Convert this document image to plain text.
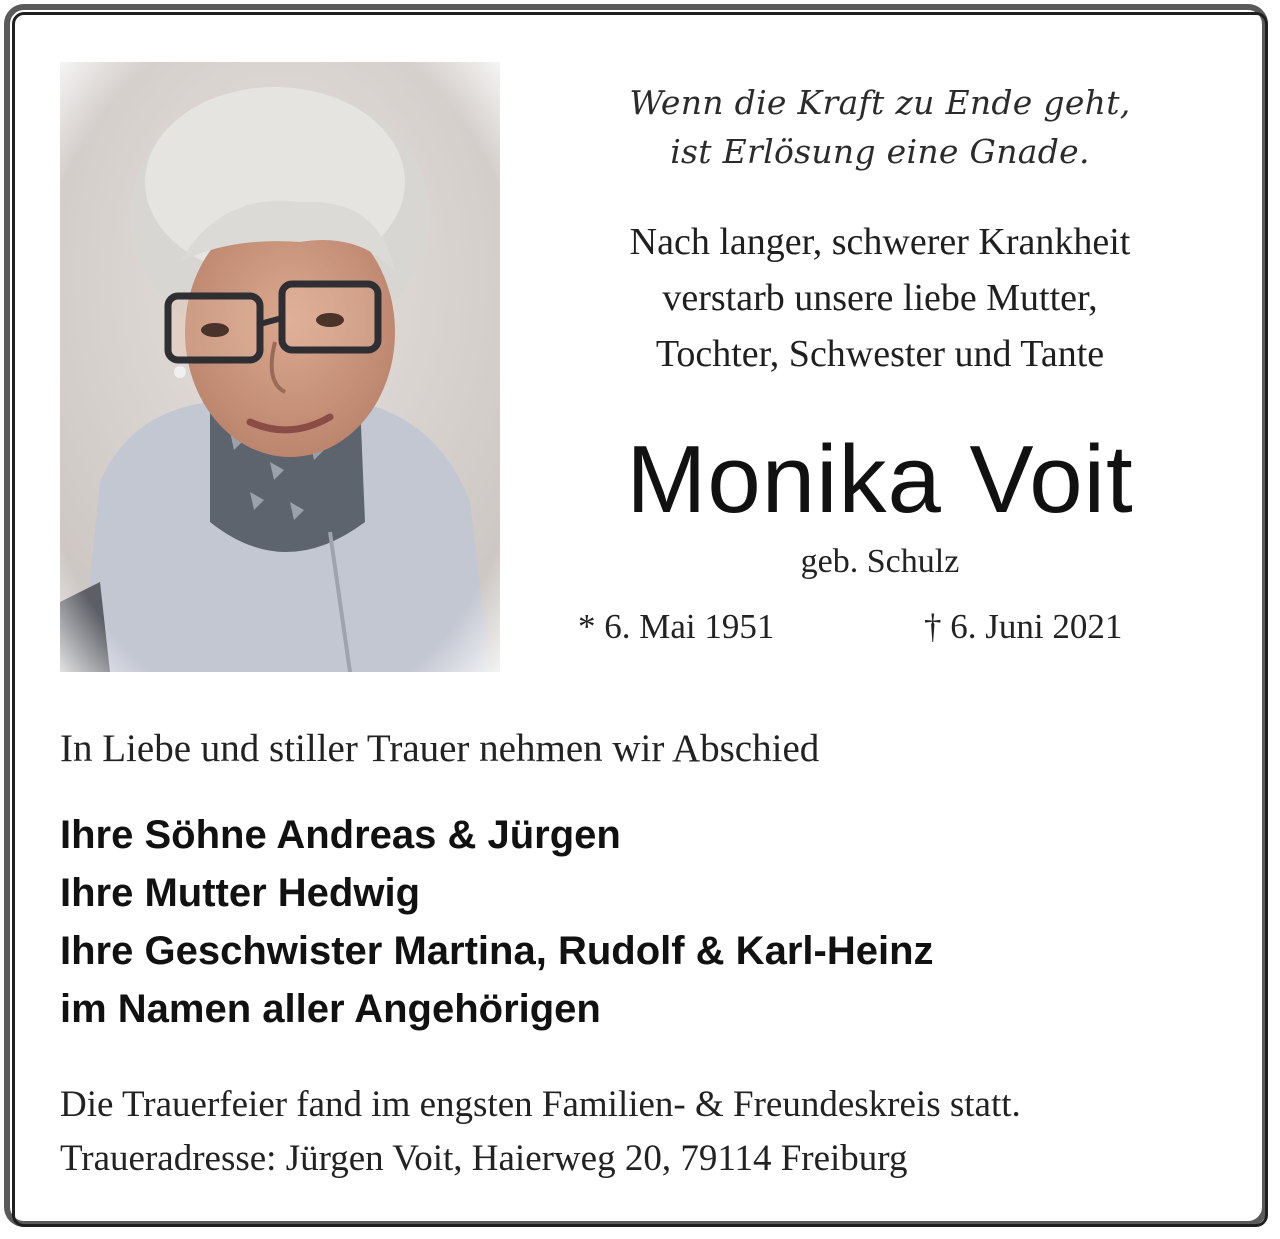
Wenn die Kraft zu Ende geht,
ist Erlösung eine Gnade.
Nach langer, schwerer Krankheit
verstarb unsere liebe Mutter,
Tochter, Schwester und Tante
Monika Voit
geb. Schulz
* 6. Mai 1951	† 6. Juni 2021
In Liebe und stiller Trauer nehmen wir Abschied
Ihre Söhne Andreas & Jürgen
Ihre Mutter Hedwig
Ihre Geschwister Martina, Rudolf & Karl-Heinz
im Namen aller Angehörigen
Die Trauerfeier fand im engsten Familien- & Freundeskreis statt.
Traueradresse: Jürgen Voit, Haierweg 20, 79114 Freiburg
